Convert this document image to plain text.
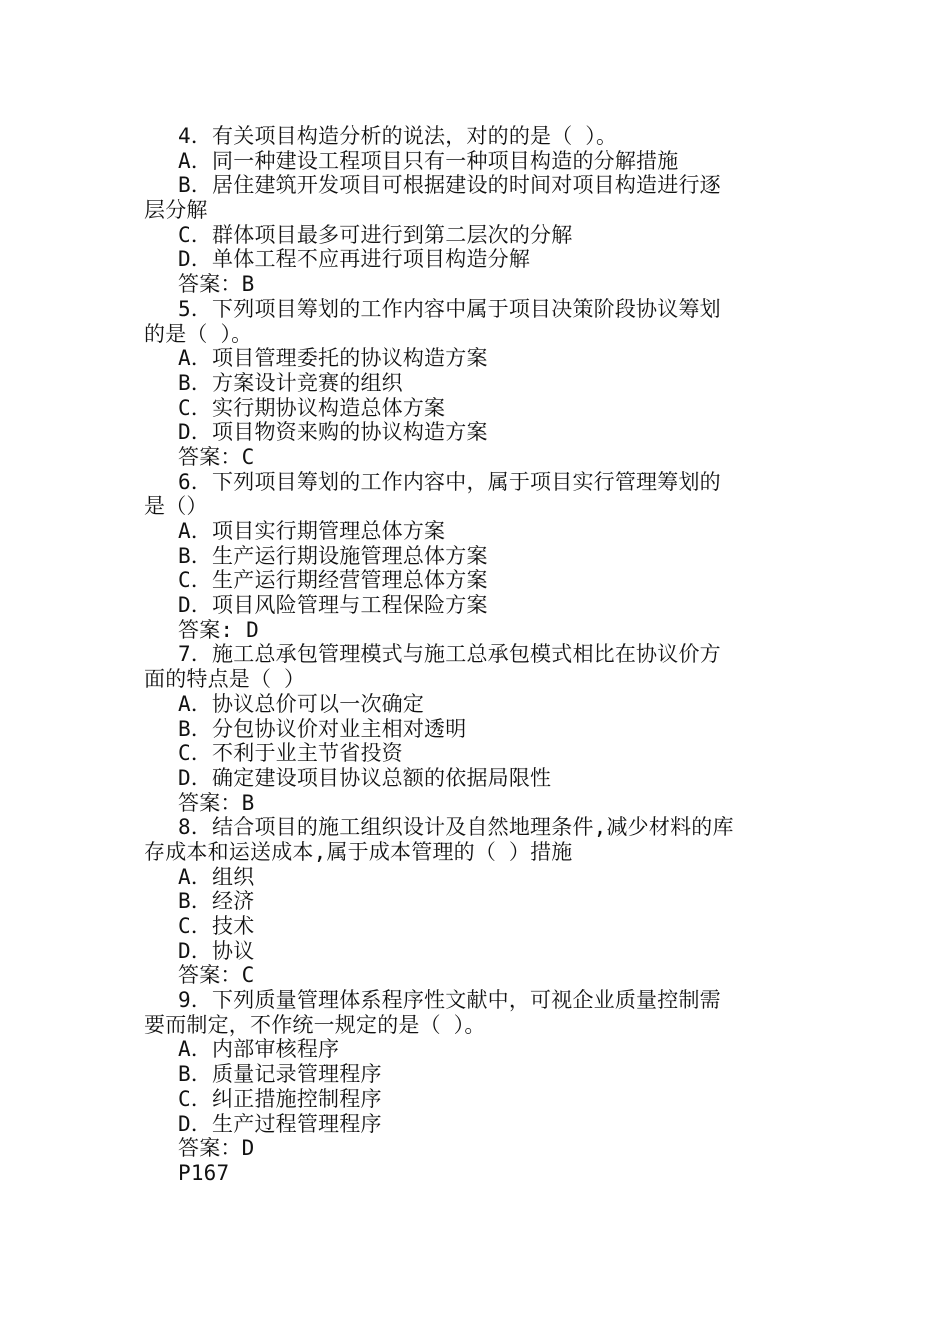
4．有关项目构造分析的说法，对的的是（ ）。
A．同一种建设工程项目只有一种项目构造的分解措施
B．居住建筑开发项目可根据建设的时间对项目构造进行逐
层分解
C．群体项目最多可进行到第二层次的分解
D．单体工程不应再进行项目构造分解
答案：B
5．下列项目筹划的工作内容中属于项目决策阶段协议筹划
的是（ ）。
A．项目管理委托的协议构造方案
B．方案设计竞赛的组织
C．实行期协议构造总体方案
D．项目物资来购的协议构造方案
答案：C
6．下列项目筹划的工作内容中，属于项目实行管理筹划的
是（）
A．项目实行期管理总体方案
B．生产运行期设施管理总体方案
C．生产运行期经营管理总体方案
D．项目风险管理与工程保险方案
答案: D
7．施工总承包管理模式与施工总承包模式相比在协议价方
面的特点是（ ）
A．协议总价可以一次确定
B．分包协议价对业主相对透明
C．不利于业主节省投资
D．确定建设项目协议总额的依据局限性
答案：B
8．结合项目的施工组织设计及自然地理条件,减少材料的库
存成本和运送成本,属于成本管理的（ ）措施
A．组织
B．经济
C．技术
D．协议
答案：C
9．下列质量管理体系程序性文献中，可视企业质量控制需
要而制定，不作统一规定的是（ ）。
A．内部审核程序
B．质量记录管理程序
C．纠正措施控制程序
D．生产过程管理程序
答案：D
P167
